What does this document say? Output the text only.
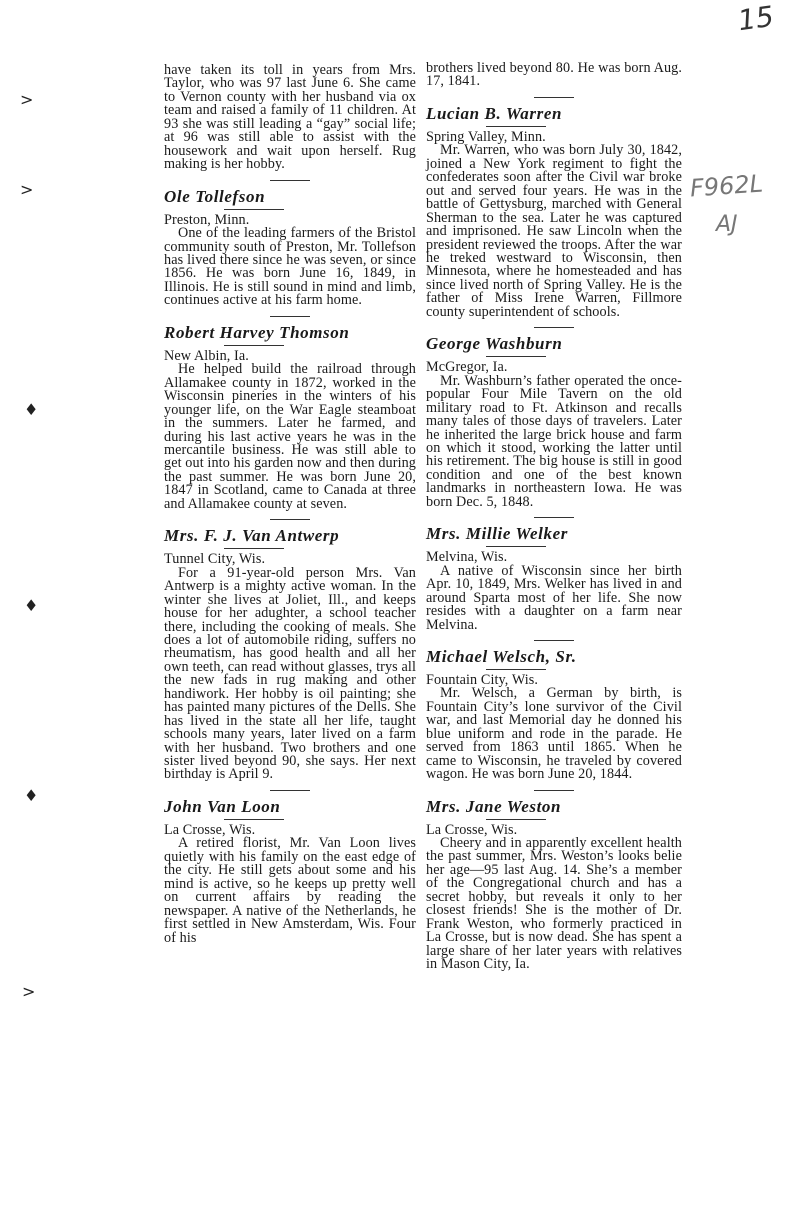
15
>
♦
♦
♦
>
>
F962L
AJ

have taken its toll in years from Mrs. Taylor, who was 97 last June 6. She came to Vernon county with her husband via ox team and raised a family of 11 children. At 93 she was still leading a “gay” social life; at 96 was still able to assist with the housework and wait upon herself. Rug making is her hobby.

Ole Tollefson

Preston, Minn.

One of the leading farmers of the Bristol community south of Preston, Mr. Tollefson has lived there since he was seven, or since 1856. He was born June 16, 1849, in Illinois. He is still sound in mind and limb, continues active at his farm home.

Robert Harvey Thomson

New Albin, Ia.

He helped build the railroad through Allamakee county in 1872, worked in the Wisconsin pineries in the winters of his younger life, on the War Eagle steamboat in the summers. Later he farmed, and during his last active years he was in the mercantile business. He was still able to get out into his garden now and then during the past summer. He was born June 20, 1847 in Scotland, came to Canada at three and Allamakee county at seven.

Mrs. F. J. Van Antwerp

Tunnel City, Wis.

For a 91-year-old person Mrs. Van Antwerp is a mighty active woman. In the winter she lives at Joliet, Ill., and keeps house for her adughter, a school teacher there, including the cooking of meals. She does a lot of automobile riding, suffers no rheumatism, has good health and all her own teeth, can read without glasses, trys all the new fads in rug making and other handiwork. Her hobby is oil painting; she has painted many pictures of the Dells. She has lived in the state all her life, taught schools many years, later lived on a farm with her husband. Two brothers and one sister lived beyond 90, she says. Her next birthday is April 9.

John Van Loon

La Crosse, Wis.

A retired florist, Mr. Van Loon lives quietly with his family on the east edge of the city. He still gets about some and his mind is active, so he keeps up pretty well on current affairs by reading the newspaper. A native of the Netherlands, he first settled in New Amsterdam, Wis. Four of his

brothers lived beyond 80. He was born Aug. 17, 1841.

Lucian B. Warren

Spring Valley, Minn.

Mr. Warren, who was born July 30, 1842, joined a New York regiment to fight the confederates soon after the Civil war broke out and served four years. He was in the battle of Gettysburg, marched with General Sherman to the sea. Later he was captured and imprisoned. He saw Lincoln when the president reviewed the troops. After the war he treked westward to Wisconsin, then Minnesota, where he homesteaded and has since lived north of Spring Valley. He is the father of Miss Irene Warren, Fillmore county superintendent of schools.

George Washburn

McGregor, Ia.

Mr. Washburn’s father operated the once-popular Four Mile Tavern on the old military road to Ft. Atkinson and recalls many tales of those days of travelers. Later he inherited the large brick house and farm on which it stood, working the latter until his retirement. The big house is still in good condition and one of the best known landmarks in northeastern Iowa. He was born Dec. 5, 1848.

Mrs. Millie Welker

Melvina, Wis.

A native of Wisconsin since her birth Apr. 10, 1849, Mrs. Welker has lived in and around Sparta most of her life. She now resides with a daughter on a farm near Melvina.

Michael Welsch, Sr.

Fountain City, Wis.

Mr. Welsch, a German by birth, is Fountain City’s lone survivor of the Civil war, and last Memorial day he donned his blue uniform and rode in the parade. He served from 1863 until 1865. When he came to Wisconsin, he traveled by covered wagon. He was born June 20, 1844.

Mrs. Jane Weston

La Crosse, Wis.

Cheery and in apparently excellent health the past summer, Mrs. Weston’s looks belie her age—95 last Aug. 14. She’s a member of the Congregational church and has a secret hobby, but reveals it only to her closest friends! She is the mother of Dr. Frank Weston, who formerly practiced in La Crosse, but is now dead. She has spent a large share of her later years with relatives in Mason City, Ia.
